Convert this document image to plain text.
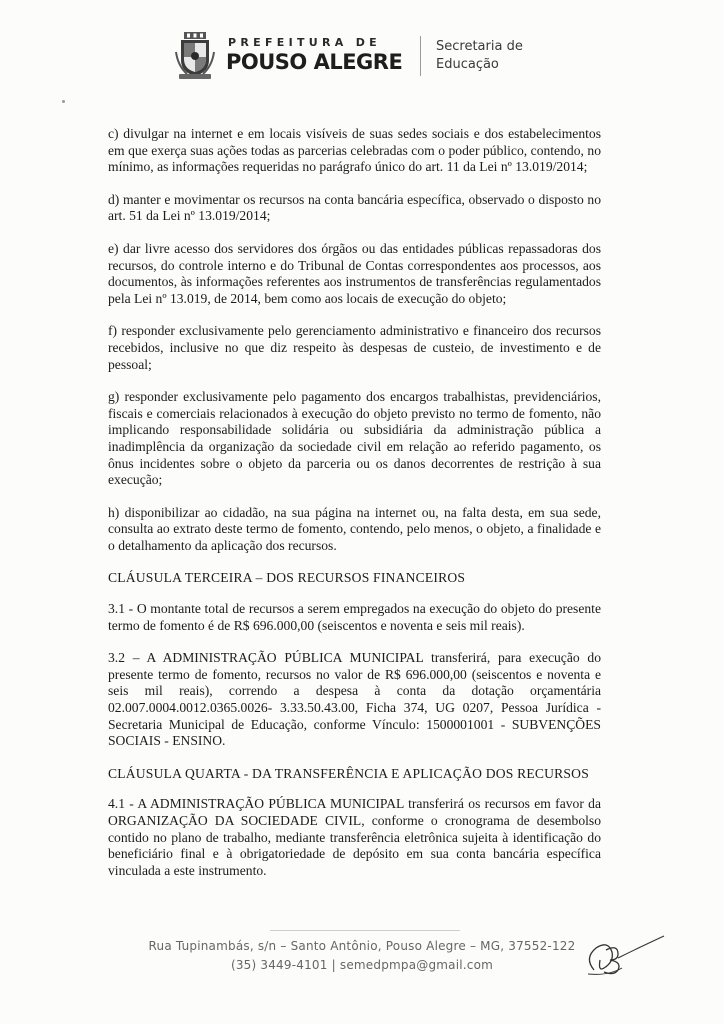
PREFEITURA DE
POUSO ALEGRE
Secretaria de
Educação

c) divulgar na internet e em locais visíveis de suas sedes sociais e dos estabelecimentos em que exerça suas ações todas as parcerias celebradas com o poder público, contendo, no mínimo, as informações requeridas no parágrafo único do art. 11 da Lei nº 13.019/2014;

d) manter e movimentar os recursos na conta bancária específica, observado o disposto no art. 51 da Lei nº 13.019/2014;

e) dar livre acesso dos servidores dos órgãos ou das entidades públicas repassadoras dos recursos, do controle interno e do Tribunal de Contas correspondentes aos processos, aos documentos, às informações referentes aos instrumentos de transferências regulamentados pela Lei nº 13.019, de 2014, bem como aos locais de execução do objeto;

f) responder exclusivamente pelo gerenciamento administrativo e financeiro dos recursos recebidos, inclusive no que diz respeito às despesas de custeio, de investimento e de pessoal;

g) responder exclusivamente pelo pagamento dos encargos trabalhistas, previdenciários, fiscais e comerciais relacionados à execução do objeto previsto no termo de fomento, não implicando responsabilidade solidária ou subsidiária da administração pública a inadimplência da organização da sociedade civil em relação ao referido pagamento, os ônus incidentes sobre o objeto da parceria ou os danos decorrentes de restrição à sua execução;

h) disponibilizar ao cidadão, na sua página na internet ou, na falta desta, em sua sede, consulta ao extrato deste termo de fomento, contendo, pelo menos, o objeto, a finalidade e o detalhamento da aplicação dos recursos.

CLÁUSULA TERCEIRA – DOS RECURSOS FINANCEIROS

3.1 - O montante total de recursos a serem empregados na execução do objeto do presente termo de fomento é de R$ 696.000,00 (seiscentos e noventa e seis mil reais).

3.2 – A ADMINISTRAÇÃO PÚBLICA MUNICIPAL transferirá, para execução do presente termo de fomento, recursos no valor de R$ 696.000,00 (seiscentos e noventa e seis mil reais), correndo a despesa à conta da dotação orçamentária 02.007.0004.0012.0365.0026- 3.33.50.43.00, Ficha 374, UG 0207, Pessoa Jurídica - Secretaria Municipal de Educação, conforme Vínculo: 1500001001 - SUBVENÇÕES SOCIAIS - ENSINO.

CLÁUSULA QUARTA - DA TRANSFERÊNCIA E APLICAÇÃO DOS RECURSOS

4.1 - A ADMINISTRAÇÃO PÚBLICA MUNICIPAL transferirá os recursos em favor da ORGANIZAÇÃO DA SOCIEDADE CIVIL, conforme o cronograma de desembolso contido no plano de trabalho, mediante transferência eletrônica sujeita à identificação do beneficiário final e à obrigatoriedade de depósito em sua conta bancária específica vinculada a este instrumento.

Rua Tupinambás, s/n – Santo Antônio, Pouso Alegre – MG, 37552-122
(35) 3449-4101 | semedpmpa@gmail.com
